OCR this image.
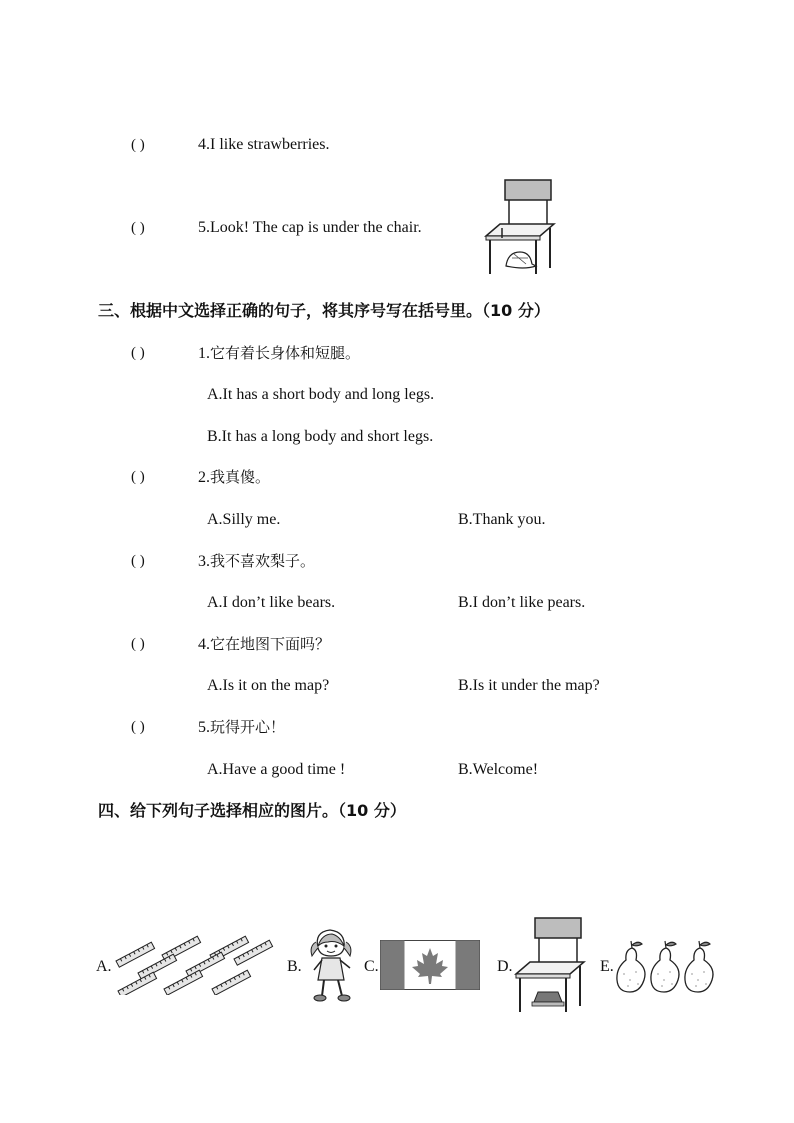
( )	4.I like strawberries.
( )	5.Look! The cap is under the chair.
三、根据中文选择正确的句子，将其序号写在括号里。（10 分）
( )	1.它有着长身体和短腿。
A.It has a short body and long legs.
B.It has a long body and short legs.
( )	2.我真傻。
A.Silly me.	B.Thank you.
( )	3.我不喜欢梨子。
A.I don’t like bears.	B.I don’t like pears.
( )	4.它在地图下面吗？
A.Is it on the map?	B.Is it under the map?
( )	5.玩得开心！
A.Have a good time !	B.Welcome!
四、给下列句子选择相应的图片。（10 分）
A.	B.	C.	D.	E.
